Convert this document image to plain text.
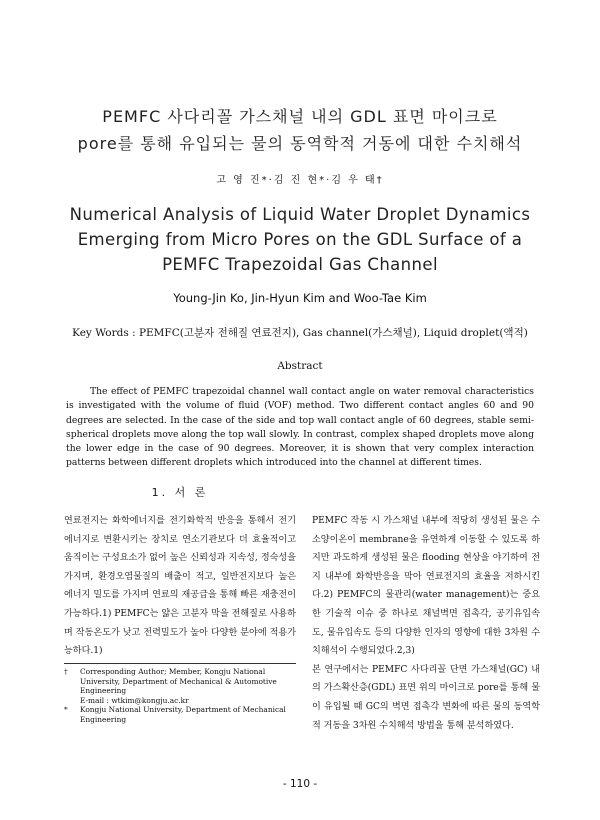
PEMFC 사다리꼴 가스채널 내의 GDL 표면 마이크로
pore를 통해 유입되는 물의 동역학적 거동에 대한 수치해석
고 영 진*·김 진 현*·김 우 태†
Numerical Analysis of Liquid Water Droplet Dynamics
Emerging from Micro Pores on the GDL Surface of a
PEMFC Trapezoidal Gas Channel
Young-Jin Ko, Jin-Hyun Kim and Woo-Tae Kim
Key Words : PEMFC(고분자 전해질 연료전지), Gas channel(가스채널), Liquid droplet(액적)
Abstract

The effect of PEMFC trapezoidal channel wall contact angle on water removal characteristics is investigated with the volume of fluid (VOF) method. Two different contact angles 60 and 90 degrees are selected. In the case of the side and top wall contact angle of 60 degrees, stable semi-spherical droplets move along the top wall slowly. In contrast, complex shaped droplets move along the lower edge in the case of 90 degrees. Moreover, it is shown that very complex interaction patterns between different droplets which introduced into the channel at different times.

1. 서 론

연료전지는 화학에너지를 전기화학적 반응을 통해서 전기 에너지로 변환시키는 장치로 연소기관보다 더 효율적이고 움직이는 구성요소가 없어 높은 신뢰성과 지속성, 정숙성을 가지며, 환경오염물질의 배출이 적고, 일반전지보다 높은 에너지 밀도를 가지며 연료의 재공급을 통해 빠른 재충전이 가능하다.1) PEMFC는 얇은 고분자 막을 전해질로 사용하며 작동온도가 낮고 전력밀도가 높아 다양한 분야에 적용가능하다.1)

†	Corresponding Author; Member, Kongju National University, Department of Mechanical & Automotive Engineering
E-mail : wtkim@kongju.ac.kr
*	Kongju National University, Department of Mechanical Engineering

PEMFC 작동 시 가스채널 내부에 적당히 생성된 물은 수소양이온이 membrane을 유연하게 이동할 수 있도록 하지만 과도하게 생성된 물은 flooding 현상을 야기하여 전지 내부에 화학반응을 막아 연료전지의 효율을 저하시킨다.2) PEMFC의 물관리(water management)는 중요한 기술적 이슈 중 하나로 채널벽면 접촉각, 공기유입속도, 물유입속도 등의 다양한 인자의 영향에 대한 3차원 수치해석이 수행되었다.2,3)

본 연구에서는 PEMFC 사다리꼴 단면 가스채널(GC) 내의 가스확산층(GDL) 표면 위의 마이크로 pore를 통해 물이 유입될 때 GC의 벽면 접촉각 변화에 따른 물의 동역학적 거동을 3차원 수치해석 방법을 통해 분석하였다.

- 110 -
